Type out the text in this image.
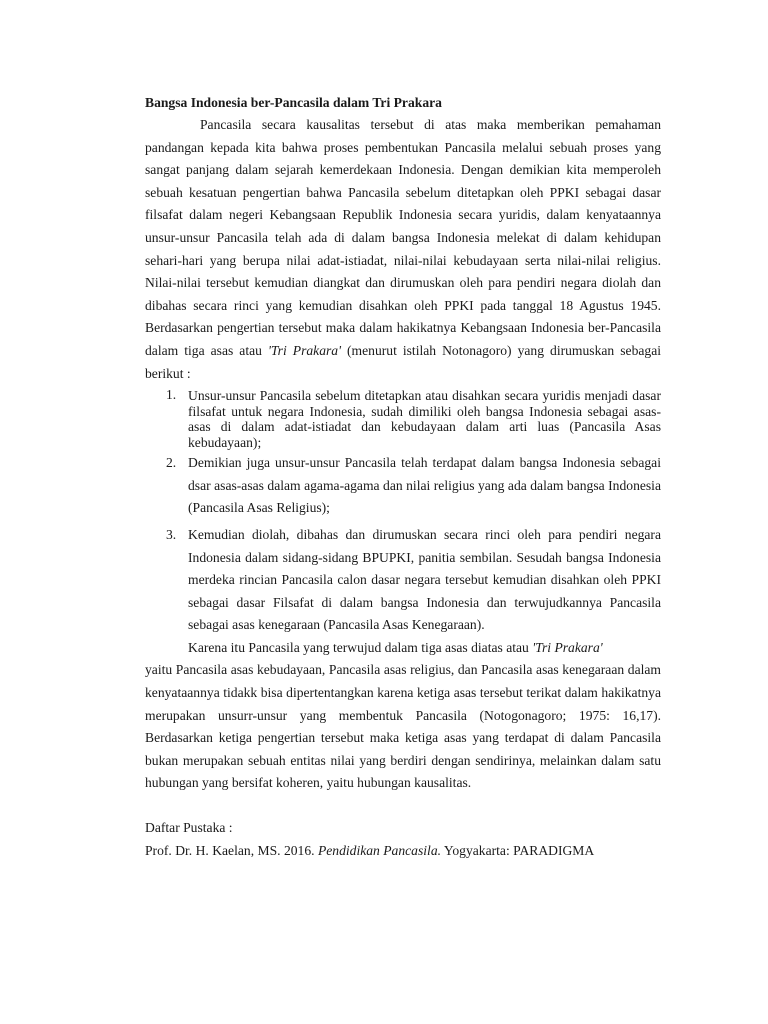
Bangsa Indonesia ber-Pancasila dalam Tri Prakara

Pancasila secara kausalitas tersebut di atas maka memberikan pemahaman pandangan kepada kita bahwa proses pembentukan Pancasila melalui sebuah proses yang sangat panjang dalam sejarah kemerdekaan Indonesia. Dengan demikian kita memperoleh sebuah kesatuan pengertian bahwa Pancasila sebelum ditetapkan oleh PPKI sebagai dasar filsafat dalam negeri Kebangsaan Republik Indonesia secara yuridis, dalam kenyataannya unsur-unsur Pancasila telah ada di dalam bangsa Indonesia melekat di dalam kehidupan sehari-hari yang berupa nilai adat-istiadat, nilai-nilai kebudayaan serta nilai-nilai religius. Nilai-nilai tersebut kemudian diangkat dan dirumuskan oleh para pendiri negara diolah dan dibahas secara rinci yang kemudian disahkan oleh PPKI pada tanggal 18 Agustus 1945. Berdasarkan pengertian tersebut maka dalam hakikatnya Kebangsaan Indonesia ber-Pancasila dalam tiga asas atau 'Tri Prakara' (menurut istilah Notonagoro) yang dirumuskan sebagai berikut :

1. Unsur-unsur Pancasila sebelum ditetapkan atau disahkan secara yuridis menjadi dasar filsafat untuk negara Indonesia, sudah dimiliki oleh bangsa Indonesia sebagai asas-asas di dalam adat-istiadat dan kebudayaan dalam arti luas (Pancasila Asas kebudayaan);
2. Demikian juga unsur-unsur Pancasila telah terdapat dalam bangsa Indonesia sebagai dsar asas-asas dalam agama-agama dan nilai religius yang ada dalam bangsa Indonesia (Pancasila Asas Religius);
3. Kemudian diolah, dibahas dan dirumuskan secara rinci oleh para pendiri negara Indonesia dalam sidang-sidang BPUPKI, panitia sembilan. Sesudah bangsa Indonesia merdeka rincian Pancasila calon dasar negara tersebut kemudian disahkan oleh PPKI sebagai dasar Filsafat di dalam bangsa Indonesia dan terwujudkannya Pancasila sebagai asas kenegaraan (Pancasila Asas Kenegaraan).

Karena itu Pancasila yang terwujud dalam tiga asas diatas atau 'Tri Prakara'

yaitu Pancasila asas kebudayaan, Pancasila asas religius, dan Pancasila asas kenegaraan dalam kenyataannya tidakk bisa dipertentangkan karena ketiga asas tersebut terikat dalam hakikatnya merupakan unsurr-unsur yang membentuk Pancasila (Notogonagoro; 1975: 16,17). Berdasarkan ketiga pengertian tersebut maka ketiga asas yang terdapat di dalam Pancasila bukan merupakan sebuah entitas nilai yang berdiri dengan sendirinya, melainkan dalam satu hubungan yang bersifat koheren, yaitu hubungan kausalitas.

Daftar Pustaka :

Prof. Dr. H. Kaelan, MS. 2016. Pendidikan Pancasila. Yogyakarta: PARADIGMA
